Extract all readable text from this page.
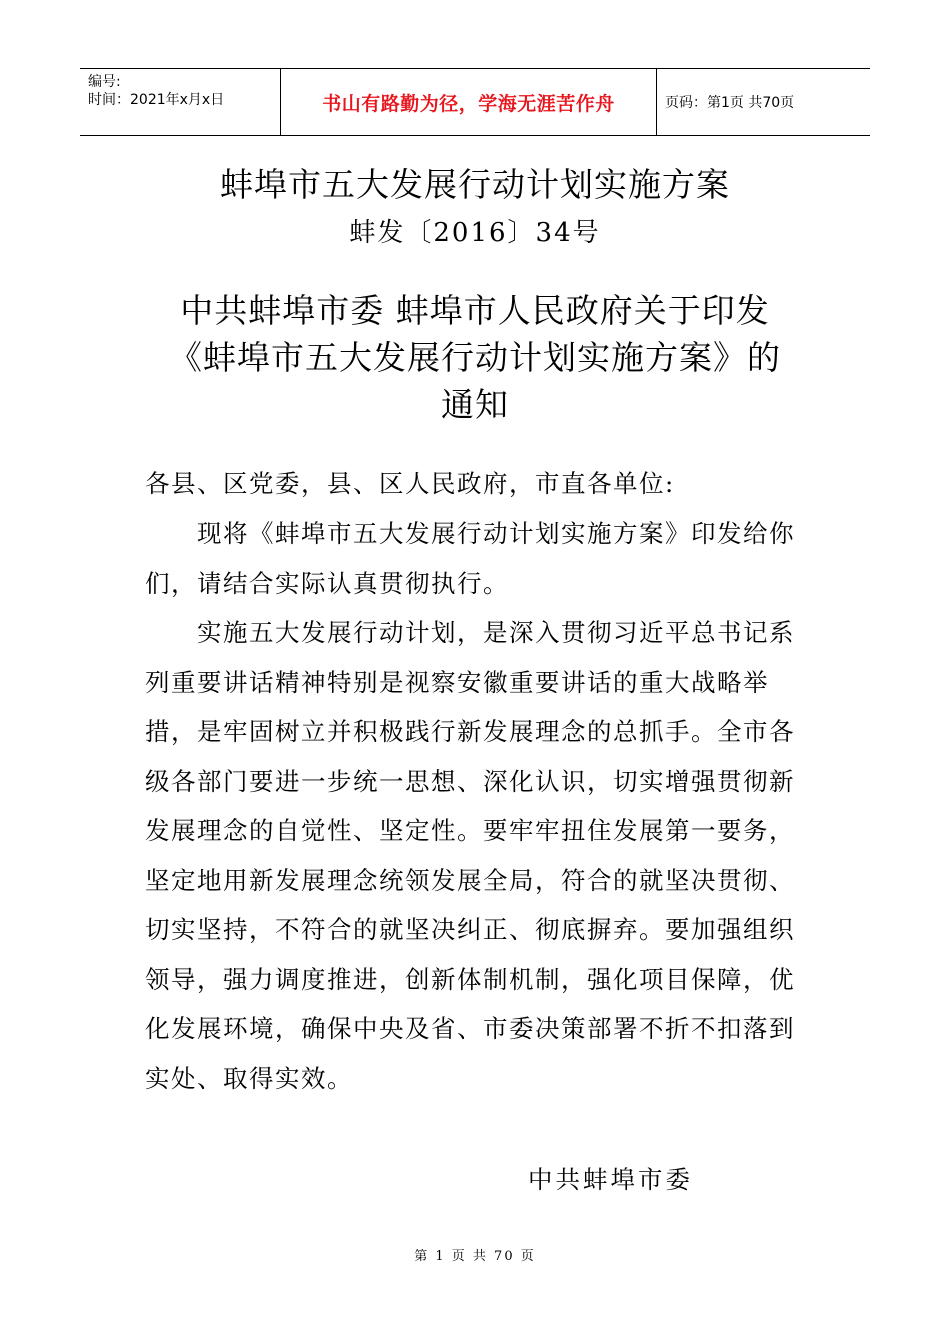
编号:
时间：2021年x月x日	书山有路勤为径，学海无涯苦作舟	页码：第1页 共70页
蚌埠市五大发展行动计划实施方案
蚌发〔2016〕34号
中共蚌埠市委 蚌埠市人民政府关于印发
《蚌埠市五大发展行动计划实施方案》的
通知
各县、区党委，县、区人民政府，市直各单位:
现将《蚌埠市五大发展行动计划实施方案》印发给你们，请结合实际认真贯彻执行。
实施五大发展行动计划，是深入贯彻习近平总书记系列重要讲话精神特别是视察安徽重要讲话的重大战略举措，是牢固树立并积极践行新发展理念的总抓手。全市各级各部门要进一步统一思想、深化认识，切实增强贯彻新发展理念的自觉性、坚定性。要牢牢扭住发展第一要务，坚定地用新发展理念统领发展全局，符合的就坚决贯彻、切实坚持，不符合的就坚决纠正、彻底摒弃。要加强组织领导，强力调度推进，创新体制机制，强化项目保障，优化发展环境，确保中央及省、市委决策部署不折不扣落到实处、取得实效。
中共蚌埠市委
第 1 页 共 70 页
